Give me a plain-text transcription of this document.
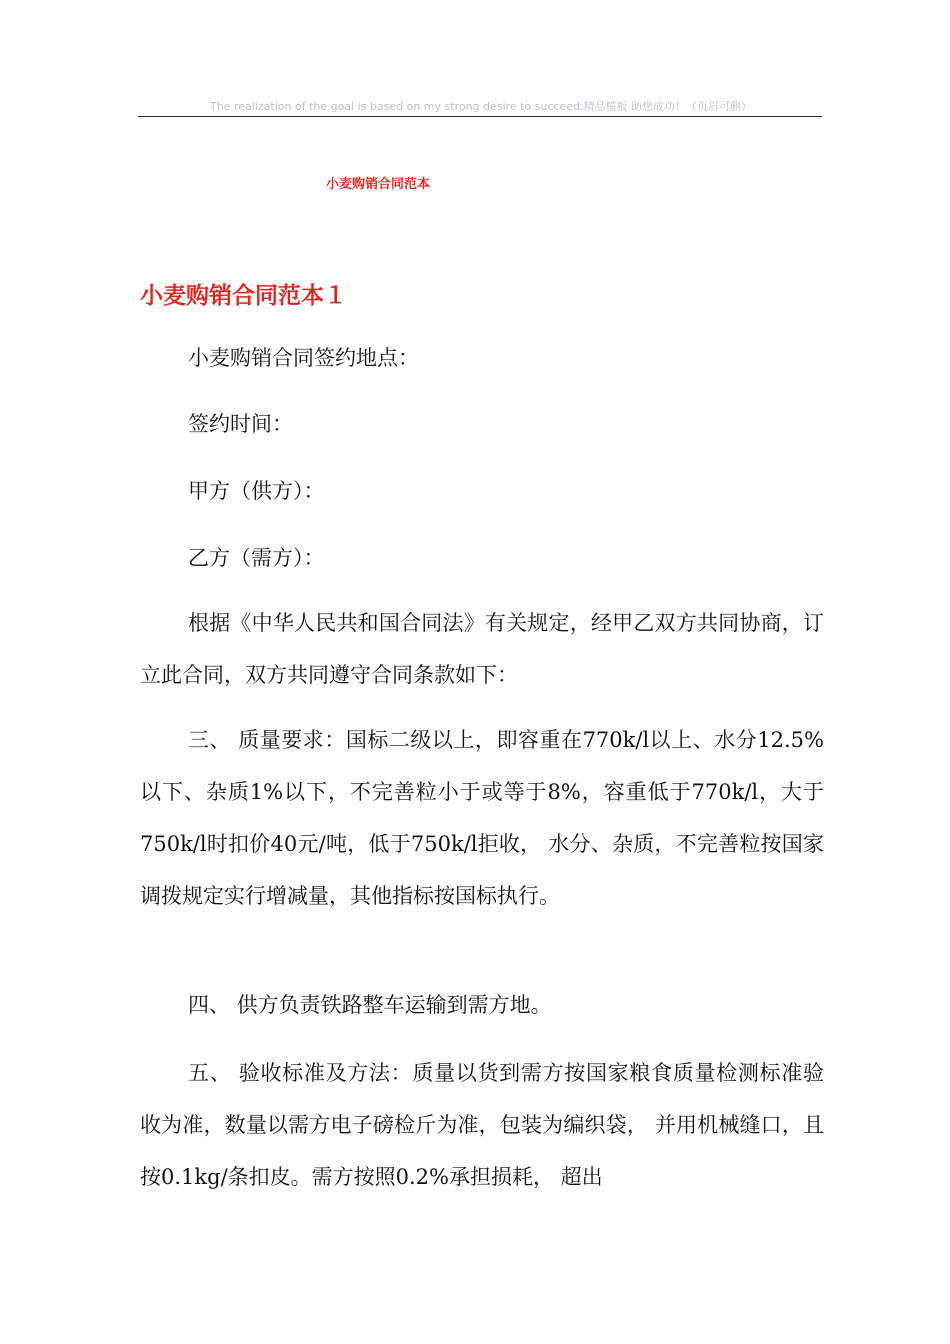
The realization of the goal is based on my strong desire to succeed.精品模板 助您成功！（页眉可删）
小麦购销合同范本
小麦购销合同范本１
小麦购销合同签约地点：
签约时间：
甲方（供方）：
乙方（需方）：

根据《中华人民共和国合同法》有关规定，经甲乙双方共同协商，订立此合同，双方共同遵守合同条款如下：

三、 质量要求：国标二级以上，即容重在770k/l以上、水分12.5%以下、杂质1%以下，不完善粒小于或等于8%，容重低于770k/l，大于750k/l时扣价40元/吨，低于750k/l拒收， 水分、杂质，不完善粒按国家调拨规定实行增减量，其他指标按国标执行。

四、 供方负责铁路整车运输到需方地。

五、 验收标准及方法：质量以货到需方按国家粮食质量检测标准验收为准，数量以需方电子磅检斤为准，包装为编织袋， 并用机械缝口，且按0.1kg/条扣皮。需方按照0.2%承担损耗， 超出
